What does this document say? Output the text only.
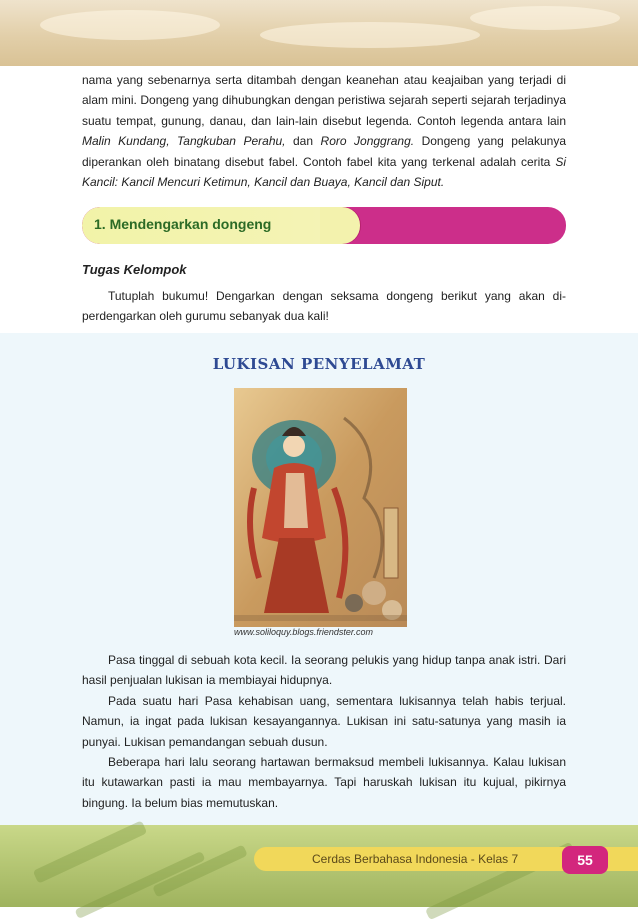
nama yang sebenarnya serta ditambah dengan keanehan atau keajaiban yang terjadi di alam mini. Dongeng yang dihubungkan dengan peristiwa sejarah seperti sejarah terjadinya suatu tempat, gunung, danau, dan lain-lain disebut legenda. Contoh legenda antara lain Malin Kundang, Tangkuban Perahu, dan Roro Jonggrang. Dongeng yang pelakunya diperankan oleh binatang disebut fabel. Contoh fabel kita yang terkenal adalah cerita Si Kancil: Kancil Mencuri Ketimun, Kancil dan Buaya, Kancil dan Siput.

1. Mendengarkan dongeng
Tugas Kelompok

Tutuplah bukumu! Dengarkan dengan seksama dongeng berikut yang akan di-perdengarkan oleh gurumu sebanyak dua kali!

LUKISAN PENYELAMAT
www.soliloquy.blogs.friendster.com

Pasa tinggal di sebuah kota kecil. Ia seorang pelukis yang hidup tanpa anak istri. Dari hasil penjualan lukisan ia membiayai hidupnya.

Pada suatu hari Pasa kehabisan uang, sementara lukisannya telah habis terjual. Namun, ia ingat pada lukisan kesayangannya. Lukisan ini satu-satunya yang masih ia punyai. Lukisan pemandangan sebuah dusun.

Beberapa hari lalu seorang hartawan bermaksud membeli lukisannya. Kalau lukisan itu kutawarkan pasti ia mau membayarnya. Tapi haruskah lukisan itu kujual, pikirnya bingung. Ia belum bias memutuskan.

Cerdas Berbahasa Indonesia - Kelas 7	55
